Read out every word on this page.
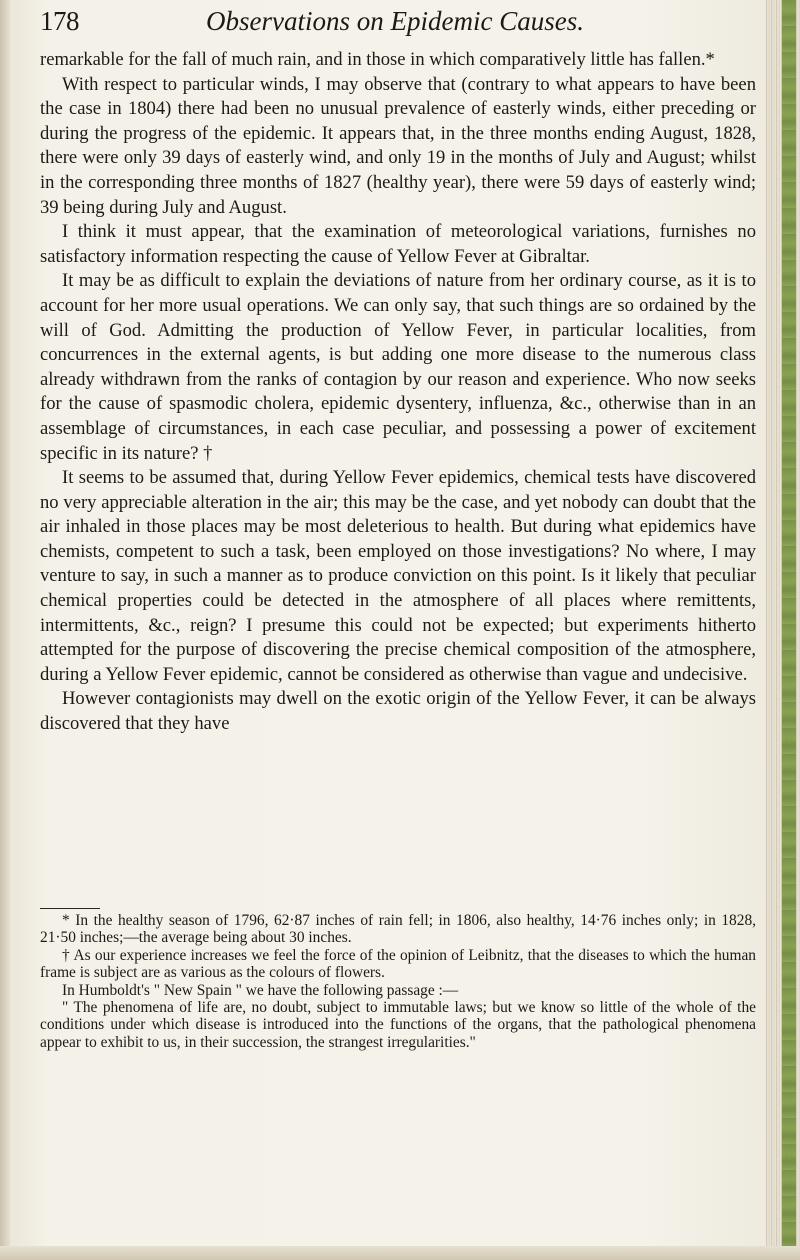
178	Observations on Epidemic Causes.

remarkable for the fall of much rain, and in those in which comparatively little has fallen.*

With respect to particular winds, I may observe that (contrary to what appears to have been the case in 1804) there had been no unusual prevalence of easterly winds, either preceding or during the progress of the epidemic. It appears that, in the three months ending August, 1828, there were only 39 days of easterly wind, and only 19 in the months of July and August; whilst in the corresponding three months of 1827 (healthy year), there were 59 days of easterly wind; 39 being during July and August.

I think it must appear, that the examination of meteorological variations, furnishes no satisfactory information respecting the cause of Yellow Fever at Gibraltar.

It may be as difficult to explain the deviations of nature from her ordinary course, as it is to account for her more usual operations. We can only say, that such things are so ordained by the will of God. Admitting the production of Yellow Fever, in particular localities, from concurrences in the external agents, is but adding one more disease to the numerous class already withdrawn from the ranks of contagion by our reason and experience. Who now seeks for the cause of spasmodic cholera, epidemic dysentery, influenza, &c., otherwise than in an assemblage of circumstances, in each case peculiar, and possessing a power of excitement specific in its nature? †

It seems to be assumed that, during Yellow Fever epidemics, chemical tests have discovered no very appreciable alteration in the air; this may be the case, and yet nobody can doubt that the air inhaled in those places may be most deleterious to health. But during what epidemics have chemists, competent to such a task, been employed on those investigations? No where, I may venture to say, in such a manner as to produce conviction on this point. Is it likely that peculiar chemical properties could be detected in the atmosphere of all places where remittents, intermittents, &c., reign? I presume this could not be expected; but experiments hitherto attempted for the purpose of discovering the precise chemical composition of the atmosphere, during a Yellow Fever epidemic, cannot be considered as otherwise than vague and undecisive.

However contagionists may dwell on the exotic origin of the Yellow Fever, it can be always discovered that they have

* In the healthy season of 1796, 62·87 inches of rain fell; in 1806, also healthy, 14·76 inches only; in 1828, 21·50 inches;—the average being about 30 inches.

† As our experience increases we feel the force of the opinion of Leibnitz, that the diseases to which the human frame is subject are as various as the colours of flowers.

In Humboldt's " New Spain " we have the following passage :—

" The phenomena of life are, no doubt, subject to immutable laws; but we know so little of the whole of the conditions under which disease is introduced into the functions of the organs, that the pathological phenomena appear to exhibit to us, in their succession, the strangest irregularities."
